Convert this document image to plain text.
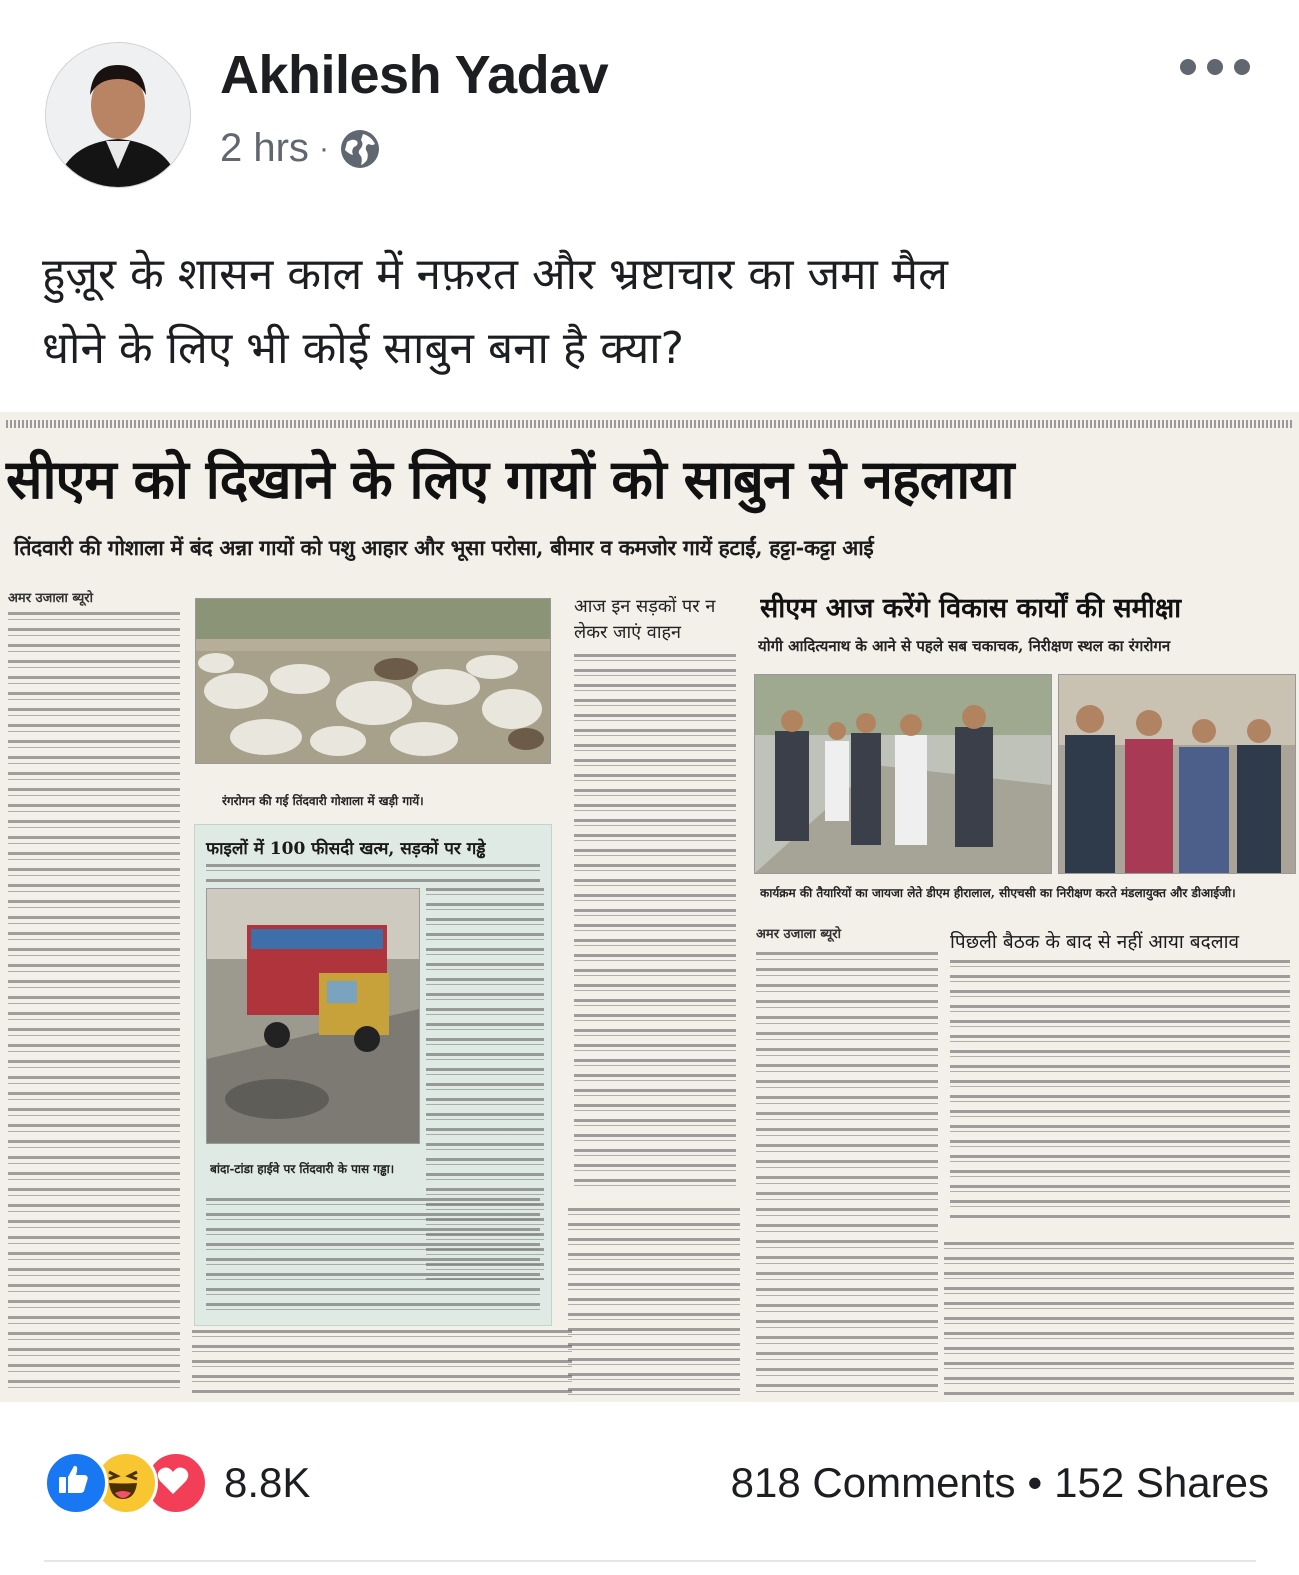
Akhilesh Yadav
2 hrs ·
हुज़ूर के शासन काल में नफ़रत और भ्रष्टाचार का जमा मैल
धोने के लिए भी कोई साबुन बना है क्या?
सीएम को दिखाने के लिए गायों को साबुन से नहलाया
तिंदवारी की गोशाला में बंद अन्ना गायों को पशु आहार और भूसा परोसा, बीमार व कमजोर गायें हटाईं, हट्टा-कट्टा आई
अमर उजाला ब्यूरो
रंगरोगन की गई तिंदवारी गोशाला में खड़ी गायें।
फाइलों में 100 फीसदी खत्म, सड़कों पर गड्ढे
बांदा-टांडा हाईवे पर तिंदवारी के पास गड्ढा।
आज इन सड़कों पर न लेकर जाएं वाहन
सीएम आज करेंगे विकास कार्यों की समीक्षा
योगी आदित्यनाथ के आने से पहले सब चकाचक, निरीक्षण स्थल का रंगरोगन
कार्यक्रम की तैयारियों का जायजा लेते डीएम हीरालाल, सीएचसी का निरीक्षण करते मंडलायुक्त और डीआईजी।
अमर उजाला ब्यूरो	पिछली बैठक के बाद से नहीं आया बदलाव
8.8K	818 Comments • 152 Shares
